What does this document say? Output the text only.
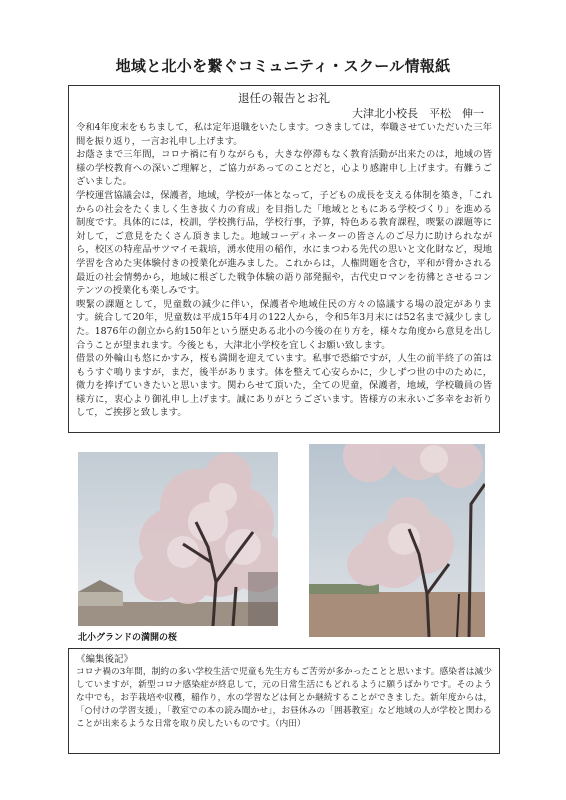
地域と北小を繋ぐコミュニティ・スクール情報紙
退任の報告とお礼
大津北小校長　平松　伸一

令和4年度末をもちまして，私は定年退職をいたします。つきましては，奉職させていただいた三年間を振り返り，一言お礼申し上げます。

お蔭さまで三年間，コロナ禍に有りながらも，大きな停滞もなく教育活動が出来たのは，地域の皆様の学校教育への深いご理解と，ご協力があってのことだと，心より感謝申し上げます。有難うございました。

学校運営協議会は，保護者，地域，学校が一体となって，子どもの成長を支える体制を築き，「これからの社会をたくましく生き抜く力の育成」を目指した「地域とともにある学校づくり」を進める制度です。具体的には，校訓，学校携行品，学校行事，予算，特色ある教育課程，喫緊の課題等に対して，ご意見をたくさん頂きました。地域コーディネーターの皆さんのご尽力に助けられながら，校区の特産品サツマイモ栽培，湧水使用の稲作，水にまつわる先代の思いと文化財など，現地学習を含めた実体験付きの授業化が進みました。これからは，人権問題を含む，平和が脅かされる最近の社会情勢から，地域に根ざした戦争体験の語り部発掘や，古代史ロマンを彷彿とさせるコンテンツの授業化も楽しみです。

喫緊の課題として，児童数の減少に伴い，保護者や地域住民の方々の協議する場の設定があります。統合して20年，児童数は平成15年4月の122人から，令和5年3月末には52名まで減少しました。1876年の創立から約150年という歴史ある北小の今後の在り方を，様々な角度から意見を出し合うことが望まれます。今後とも，大津北小学校を宜しくお願い致します。

借景の外輪山も悠にかすみ，桜も満開を迎えています。私事で恐縮ですが，人生の前半終了の笛はもうすぐ鳴りますが，まだ，後半があります。体を整えて心安らかに，少しずつ世の中のために，微力を捧げていきたいと思います。関わらせて頂いた，全ての児童，保護者，地域，学校職員の皆様方に，衷心より御礼申し上げます。誠にありがとうございます。皆様方の末永いご多幸をお祈りして，ご挨拶と致します。

北小グランドの満開の桜
《編集後記》

コロナ禍の3年間，制約の多い学校生活で児童も先生方もご苦労が多かったことと思います。感染者は減少していますが，新型コロナ感染症が終息して，元の日常生活にもどれるように願うばかりです。そのような中でも，お芋栽培や収穫，稲作り，水の学習などは何とか継続することができました。新年度からは，「○付けの学習支援」，「教室での本の読み聞かせ」，お昼休みの「囲碁教室」など地域の人が学校と関わることが出来るような日常を取り戻したいものです。（内田）
